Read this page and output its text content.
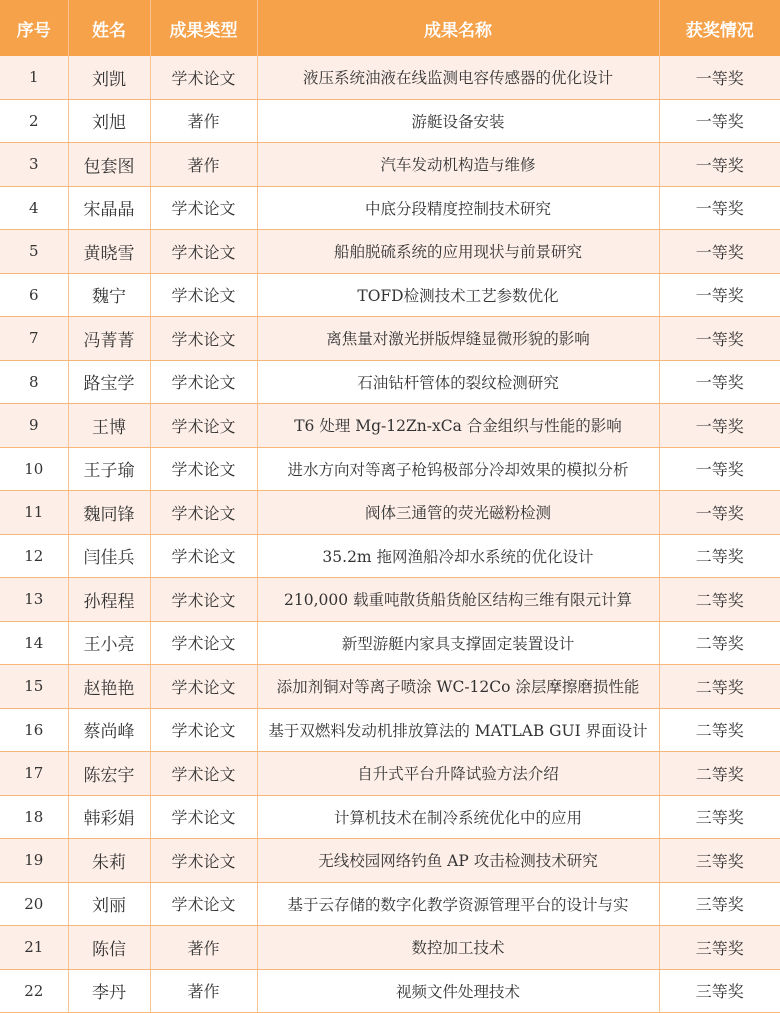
序号	姓名	成果类型	成果名称	获奖情况
1	刘凯	学术论文	液压系统油液在线监测电容传感器的优化设计	一等奖
2	刘旭	著作	游艇设备安装	一等奖
3	包套图	著作	汽车发动机构造与维修	一等奖
4	宋晶晶	学术论文	中底分段精度控制技术研究	一等奖
5	黄晓雪	学术论文	船舶脱硫系统的应用现状与前景研究	一等奖
6	魏宁	学术论文	TOFD检测技术工艺参数优化	一等奖
7	冯菁菁	学术论文	离焦量对激光拼版焊缝显微形貌的影响	一等奖
8	路宝学	学术论文	石油钻杆管体的裂纹检测研究	一等奖
9	王博	学术论文	T6 处理 Mg-12Zn-xCa 合金组织与性能的影响	一等奖
10	王子瑜	学术论文	进水方向对等离子枪钨极部分冷却效果的模拟分析	一等奖
11	魏同锋	学术论文	阀体三通管的荧光磁粉检测	一等奖
12	闫佳兵	学术论文	35.2m 拖网渔船冷却水系统的优化设计	二等奖
13	孙程程	学术论文	210,000 载重吨散货船货舱区结构三维有限元计算	二等奖
14	王小亮	学术论文	新型游艇内家具支撑固定装置设计	二等奖
15	赵艳艳	学术论文	添加剂铜对等离子喷涂 WC-12Co 涂层摩擦磨损性能	二等奖
16	蔡尚峰	学术论文	基于双燃料发动机排放算法的 MATLAB GUI 界面设计	二等奖
17	陈宏宇	学术论文	自升式平台升降试验方法介绍	二等奖
18	韩彩娟	学术论文	计算机技术在制冷系统优化中的应用	三等奖
19	朱莉	学术论文	无线校园网络钓鱼 AP 攻击检测技术研究	三等奖
20	刘丽	学术论文	基于云存储的数字化教学资源管理平台的设计与实	三等奖
21	陈信	著作	数控加工技术	三等奖
22	李丹	著作	视频文件处理技术	三等奖
